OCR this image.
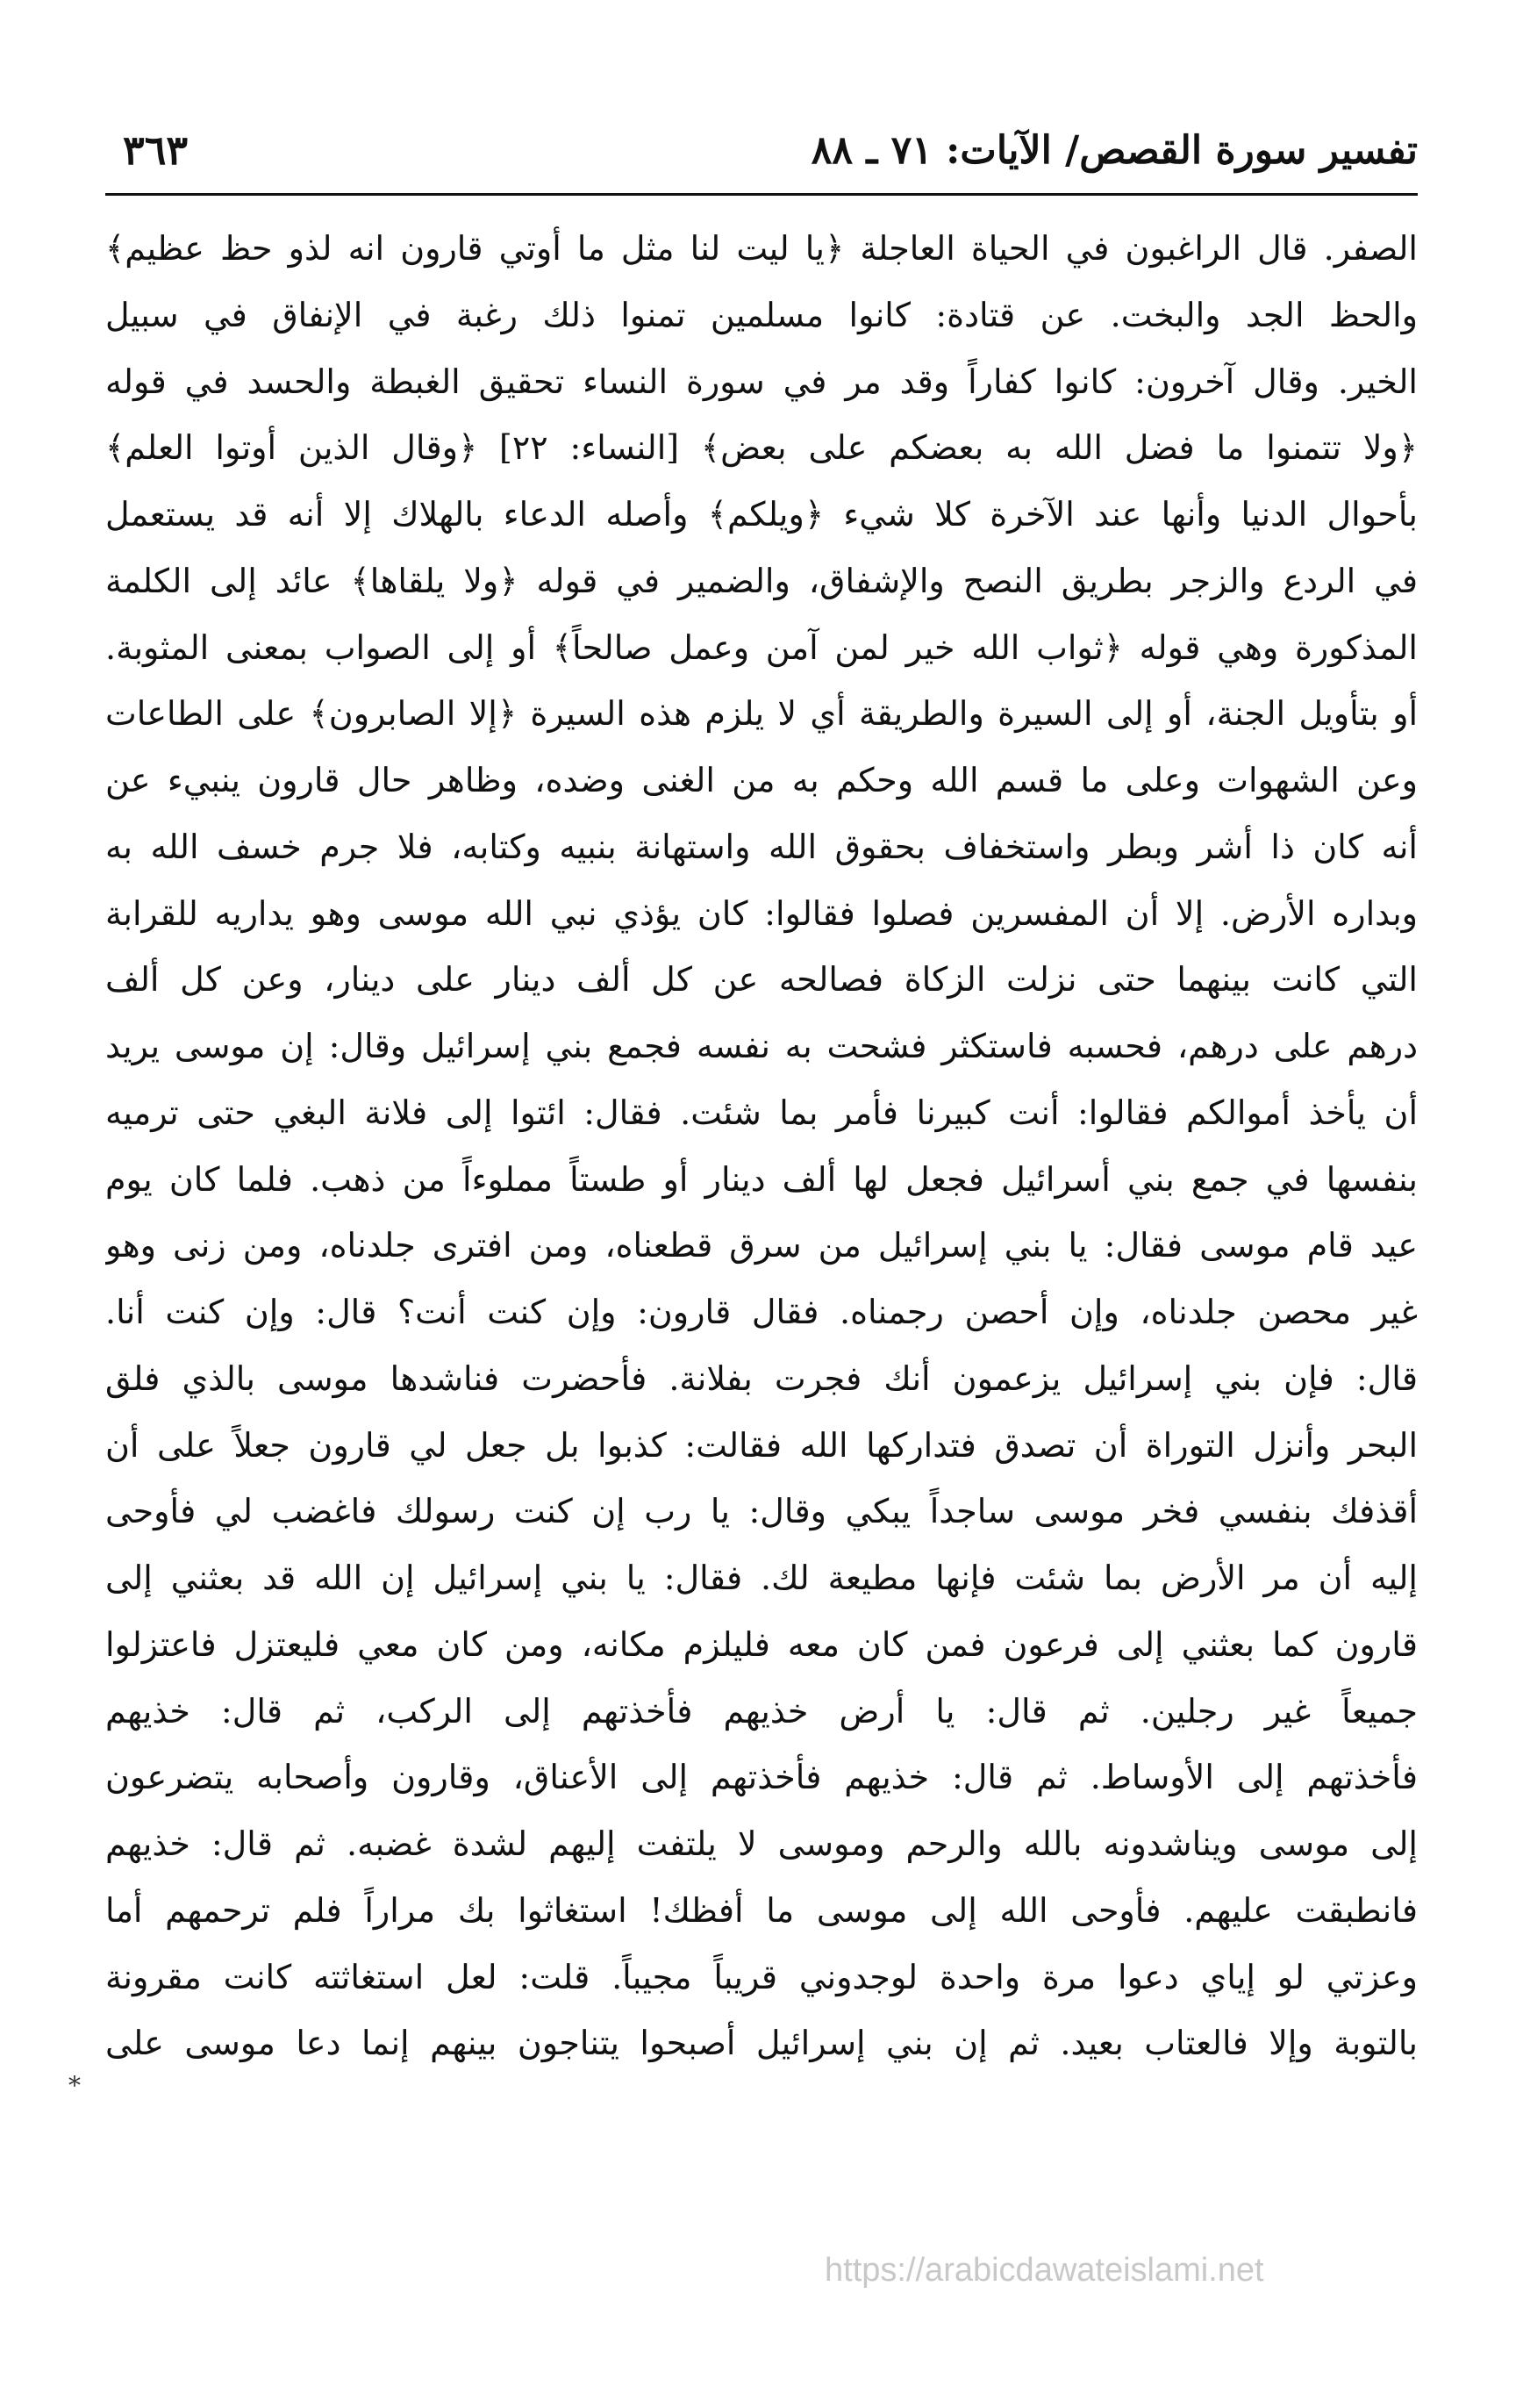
تفسير سورة القصص/ الآيات: ٧١ ـ ٨٨
٣٦٣
الصفر. قال الراغبون في الحياة العاجلة ﴿يا ليت لنا مثل ما أوتي قارون انه لذو حظ عظيم﴾
والحظ الجد والبخت. عن قتادة: كانوا مسلمين تمنوا ذلك رغبة في الإنفاق في سبيل
الخير. وقال آخرون: كانوا كفاراً وقد مر في سورة النساء تحقيق الغبطة والحسد في قوله
﴿ولا تتمنوا ما فضل الله به بعضكم على بعض﴾ [النساء: ٢٢] ﴿وقال الذين أوتوا العلم﴾
بأحوال الدنيا وأنها عند الآخرة كلا شيء ﴿ويلكم﴾ وأصله الدعاء بالهلاك إلا أنه قد يستعمل
في الردع والزجر بطريق النصح والإشفاق، والضمير في قوله ﴿ولا يلقاها﴾ عائد إلى الكلمة
المذكورة وهي قوله ﴿ثواب الله خير لمن آمن وعمل صالحاً﴾ أو إلى الصواب بمعنى المثوبة.
أو بتأويل الجنة، أو إلى السيرة والطريقة أي لا يلزم هذه السيرة ﴿إلا الصابرون﴾ على الطاعات
وعن الشهوات وعلى ما قسم الله وحكم به من الغنى وضده، وظاهر حال قارون ينبيء عن
أنه كان ذا أشر وبطر واستخفاف بحقوق الله واستهانة بنبيه وكتابه، فلا جرم خسف الله به
وبداره الأرض. إلا أن المفسرين فصلوا فقالوا: كان يؤذي نبي الله موسى وهو يداريه للقرابة
التي كانت بينهما حتى نزلت الزكاة فصالحه عن كل ألف دينار على دينار، وعن كل ألف
درهم على درهم، فحسبه فاستكثر فشحت به نفسه فجمع بني إسرائيل وقال: إن موسى يريد
أن يأخذ أموالكم فقالوا: أنت كبيرنا فأمر بما شئت. فقال: ائتوا إلى فلانة البغي حتى ترميه
بنفسها في جمع بني أسرائيل فجعل لها ألف دينار أو طستاً مملوءاً من ذهب. فلما كان يوم
عيد قام موسى فقال: يا بني إسرائيل من سرق قطعناه، ومن افترى جلدناه، ومن زنى وهو
غير محصن جلدناه، وإن أحصن رجمناه. فقال قارون: وإن كنت أنت؟ قال: وإن كنت أنا.
قال: فإن بني إسرائيل يزعمون أنك فجرت بفلانة. فأحضرت فناشدها موسى بالذي فلق
البحر وأنزل التوراة أن تصدق فتداركها الله فقالت: كذبوا بل جعل لي قارون جعلاً على أن
أقذفك بنفسي فخر موسى ساجداً يبكي وقال: يا رب إن كنت رسولك فاغضب لي فأوحى
إليه أن مر الأرض بما شئت فإنها مطيعة لك. فقال: يا بني إسرائيل إن الله قد بعثني إلى
قارون كما بعثني إلى فرعون فمن كان معه فليلزم مكانه، ومن كان معي فليعتزل فاعتزلوا
جميعاً غير رجلين. ثم قال: يا أرض خذيهم فأخذتهم إلى الركب، ثم قال: خذيهم
فأخذتهم إلى الأوساط. ثم قال: خذيهم فأخذتهم إلى الأعناق، وقارون وأصحابه يتضرعون
إلى موسى ويناشدونه بالله والرحم وموسى لا يلتفت إليهم لشدة غضبه. ثم قال: خذيهم
فانطبقت عليهم. فأوحى الله إلى موسى ما أفظك! استغاثوا بك مراراً فلم ترحمهم أما
وعزتي لو إياي دعوا مرة واحدة لوجدوني قريباً مجيباً. قلت: لعل استغاثته كانت مقرونة
بالتوبة وإلا فالعتاب بعيد. ثم إن بني إسرائيل أصبحوا يتناجون بينهم إنما دعا موسى على
*
https://arabicdawateislami.net
